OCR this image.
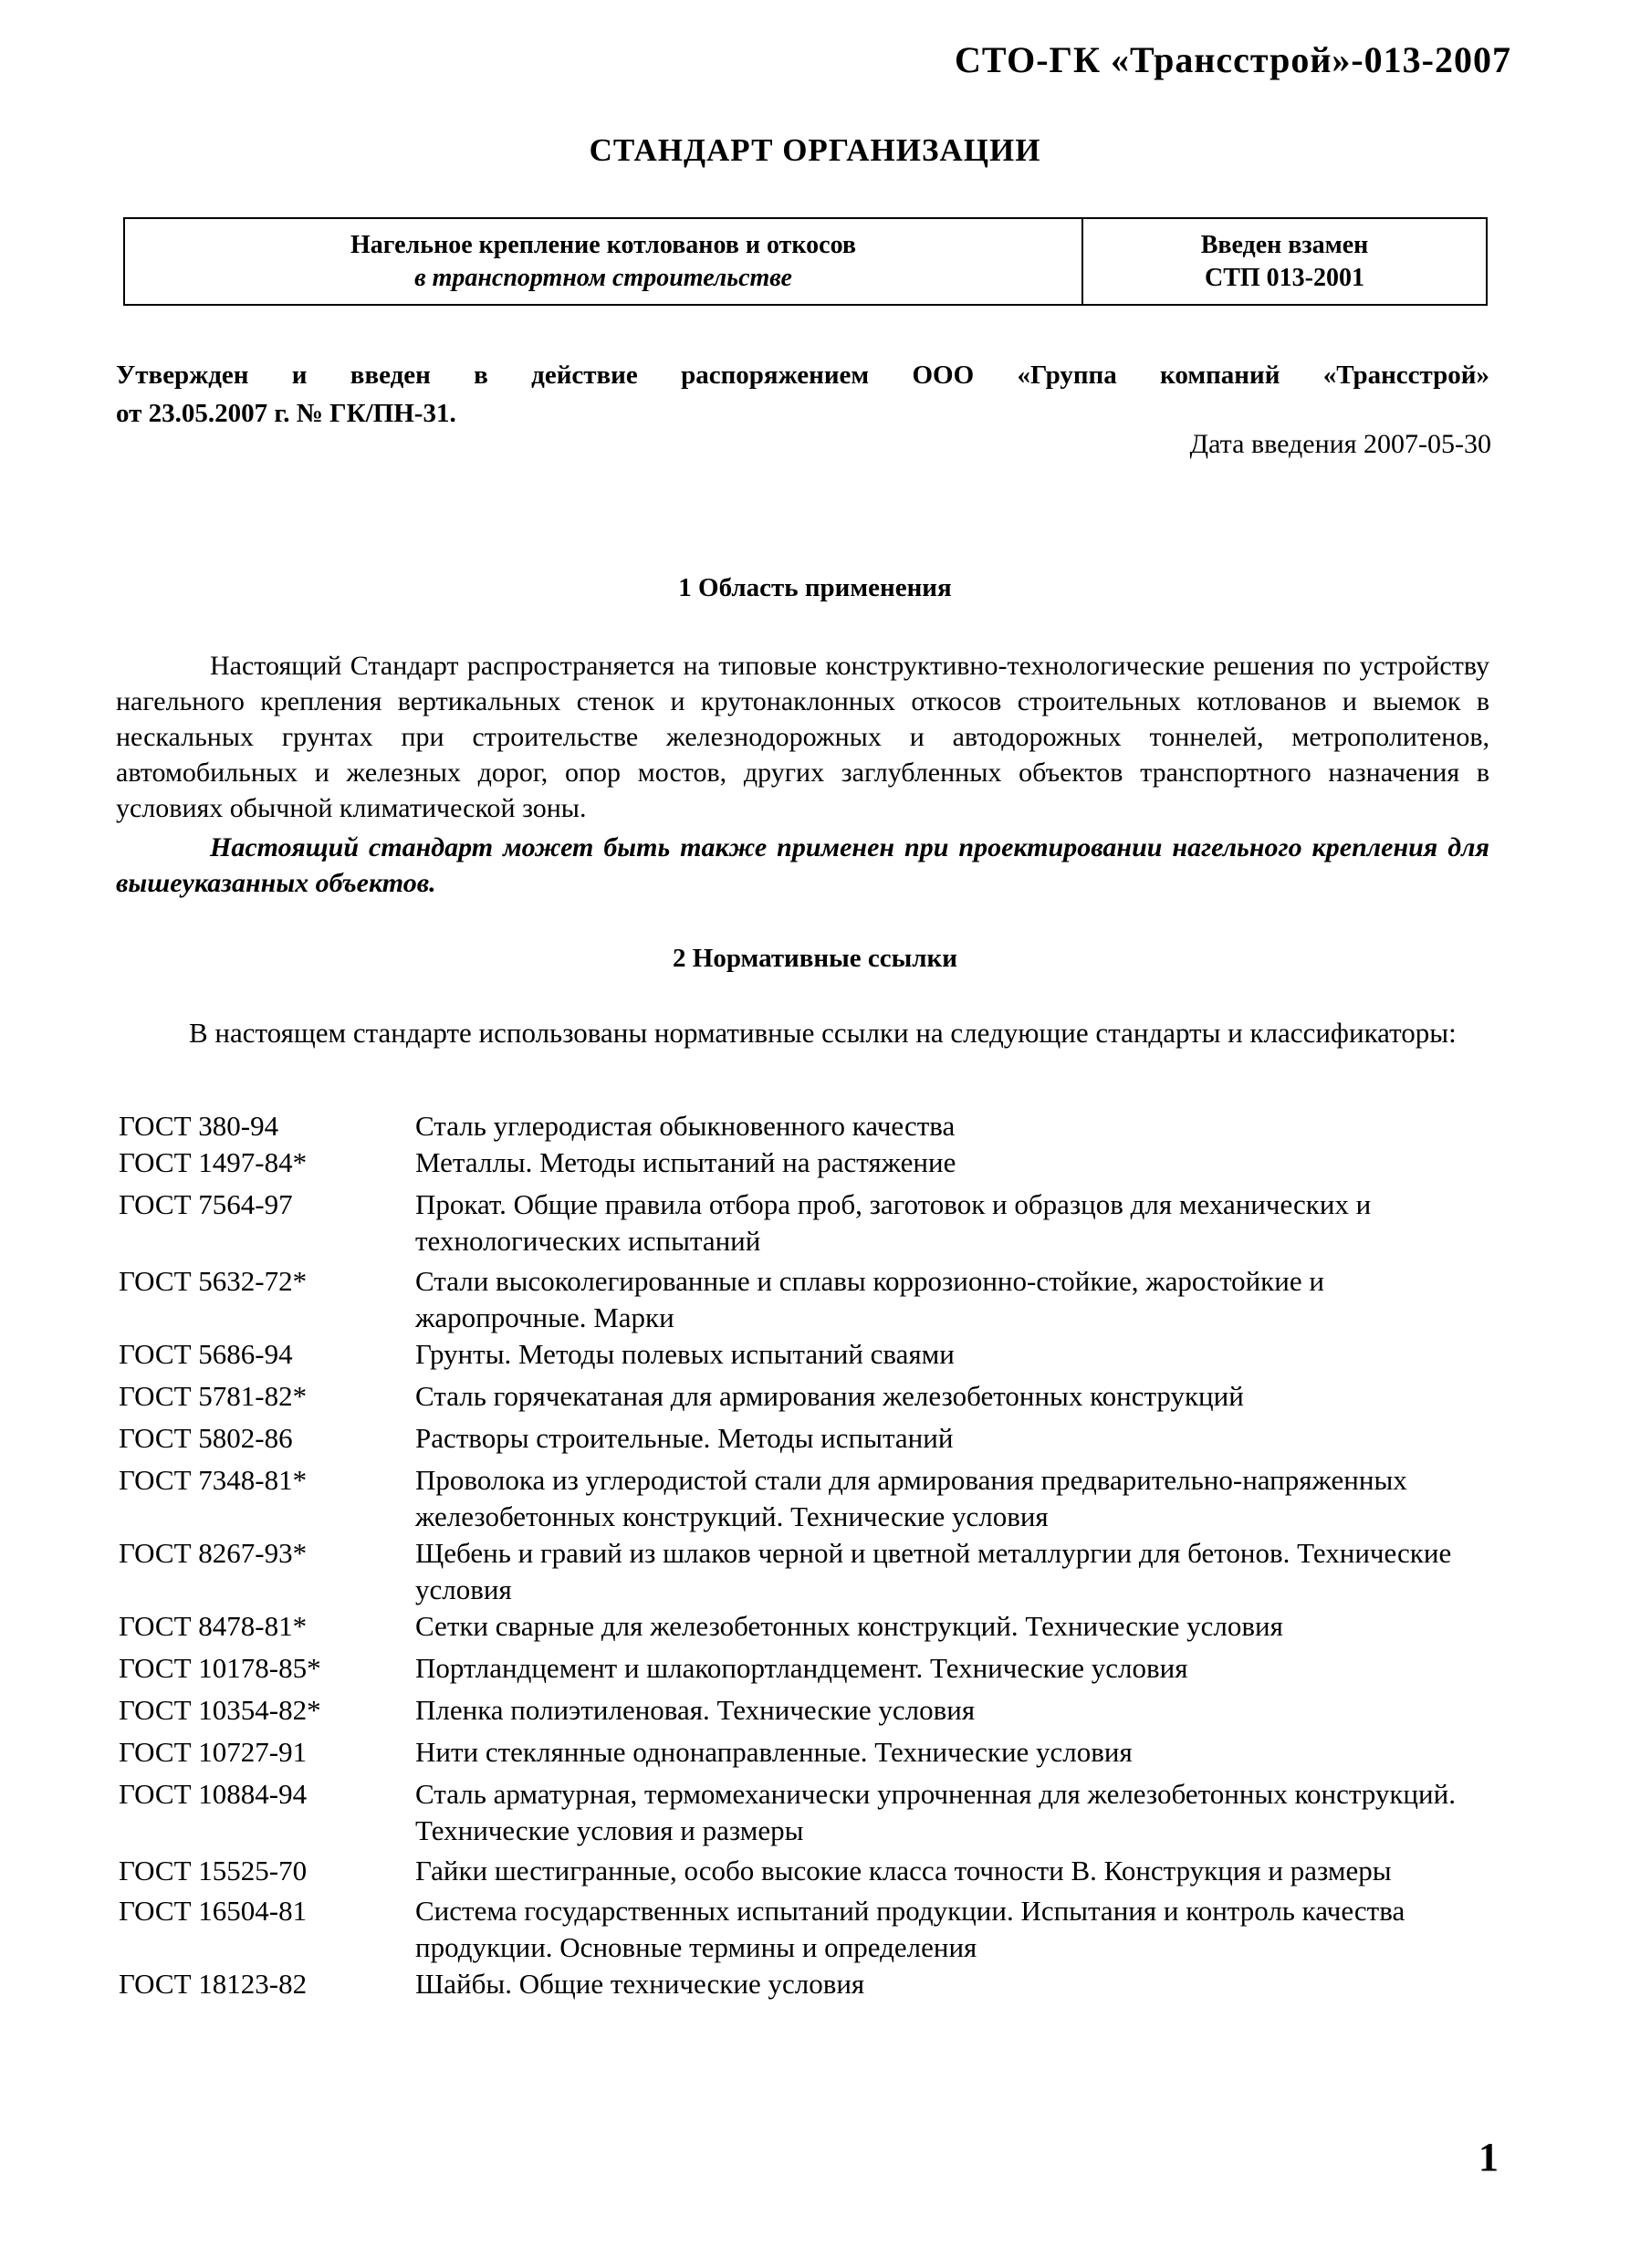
СТО-ГК «Трансстрой»-013-2007
СТАНДАРТ ОРГАНИЗАЦИИ
Нагельное крепление котлованов и откосов
в транспортном строительстве
Введен взамен
СТП 013-2001
Утвержден и введен в действие распоряжением ООО «Группа компаний «Трансстрой»
от 23.05.2007 г. № ГК/ПН-31.
Дата введения 2007-05-30
1 Область применения
Настоящий Стандарт распространяется на типовые конструктивно-технологические решения по устройству нагельного крепления вертикальных стенок и крутонаклонных откосов строительных котлованов и выемок в нескальных грунтах при строительстве железнодорожных и автодорожных тоннелей, метрополитенов, автомобильных и железных дорог, опор мостов, других заглубленных объектов транспортного назначения в условиях обычной климатической зоны.
Настоящий стандарт может быть также применен при проектировании нагельного крепления для вышеуказанных объектов.
2 Нормативные ссылки
В настоящем стандарте использованы нормативные ссылки на следующие стандарты и классификаторы:
ГОСТ 380-94	Сталь углеродистая обыкновенного качества
ГОСТ 1497-84*	Металлы. Методы испытаний на растяжение
ГОСТ 7564-97	Прокат. Общие правила отбора проб, заготовок и образцов для механических и технологических испытаний
ГОСТ 5632-72*	Стали высоколегированные и сплавы коррозионно-стойкие, жаростойкие и жаропрочные. Марки
ГОСТ 5686-94	Грунты. Методы полевых испытаний сваями
ГОСТ 5781-82*	Сталь горячекатаная для армирования железобетонных конструкций
ГОСТ 5802-86	Растворы строительные. Методы испытаний
ГОСТ 7348-81*	Проволока из углеродистой стали для армирования предварительно-напряженных железобетонных конструкций. Технические условия
ГОСТ 8267-93*	Щебень и гравий из шлаков черной и цветной металлургии для бетонов. Технические условия
ГОСТ 8478-81*	Сетки сварные для железобетонных конструкций. Технические условия
ГОСТ 10178-85*	Портландцемент и шлакопортландцемент. Технические условия
ГОСТ 10354-82*	Пленка полиэтиленовая. Технические условия
ГОСТ 10727-91	Нити стеклянные однонаправленные. Технические условия
ГОСТ 10884-94	Сталь арматурная, термомеханически упрочненная для железобетонных конструкций. Технические условия и размеры
ГОСТ 15525-70	Гайки шестигранные, особо высокие класса точности В. Конструкция и размеры
ГОСТ 16504-81	Система государственных испытаний продукции. Испытания и контроль качества продукции. Основные термины и определения
ГОСТ 18123-82	Шайбы. Общие технические условия
1
